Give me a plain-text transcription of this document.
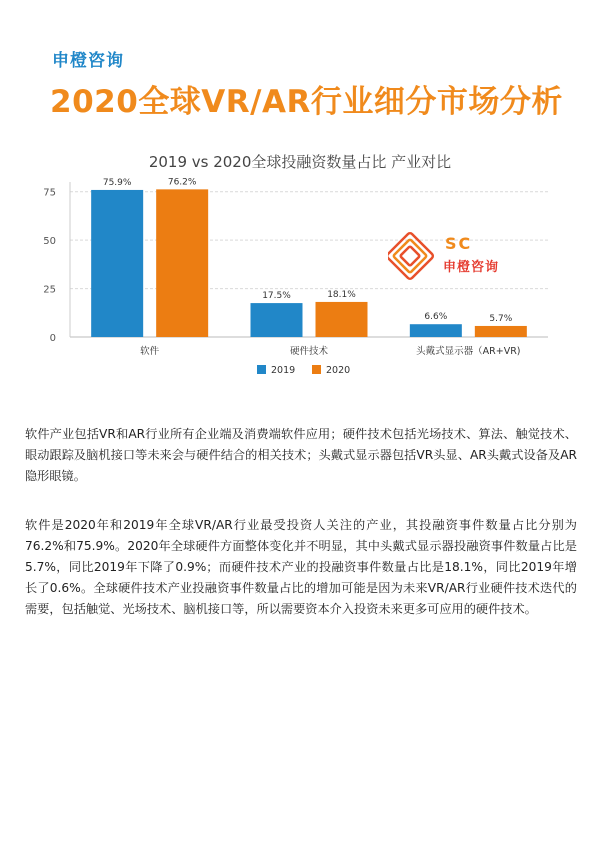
申橙咨询
2020全球VR/AR行业细分市场分析
2019 vs 2020全球投融资数量占比 产业对比
0
25
50
75
75.9%	76.2%
软件
17.5%	18.1%
硬件技术
6.6%	5.7%
头戴式显示器（AR+VR)
2019	2020
SC
申橙咨询

软件产业包括VR和AR行业所有企业端及消费端软件应用；硬件技术包括光场技术、算法、触觉技术、眼动跟踪及脑机接口等未来会与硬件结合的相关技术；头戴式显示器包括VR头显、AR头戴式设备及AR隐形眼镜。

软件是2020年和2019年全球VR/AR行业最受投资人关注的产业，其投融资事件数量占比分别为76.2%和75.9%。2020年全球硬件方面整体变化并不明显，其中头戴式显示器投融资事件数量占比是5.7%，同比2019年下降了0.9%；而硬件技术产业的投融资事件数量占比是18.1%，同比2019年增长了0.6%。全球硬件技术产业投融资事件数量占比的增加可能是因为未来VR/AR行业硬件技术迭代的需要，包括触觉、光场技术、脑机接口等，所以需要资本介入投资未来更多可应用的硬件技术。
